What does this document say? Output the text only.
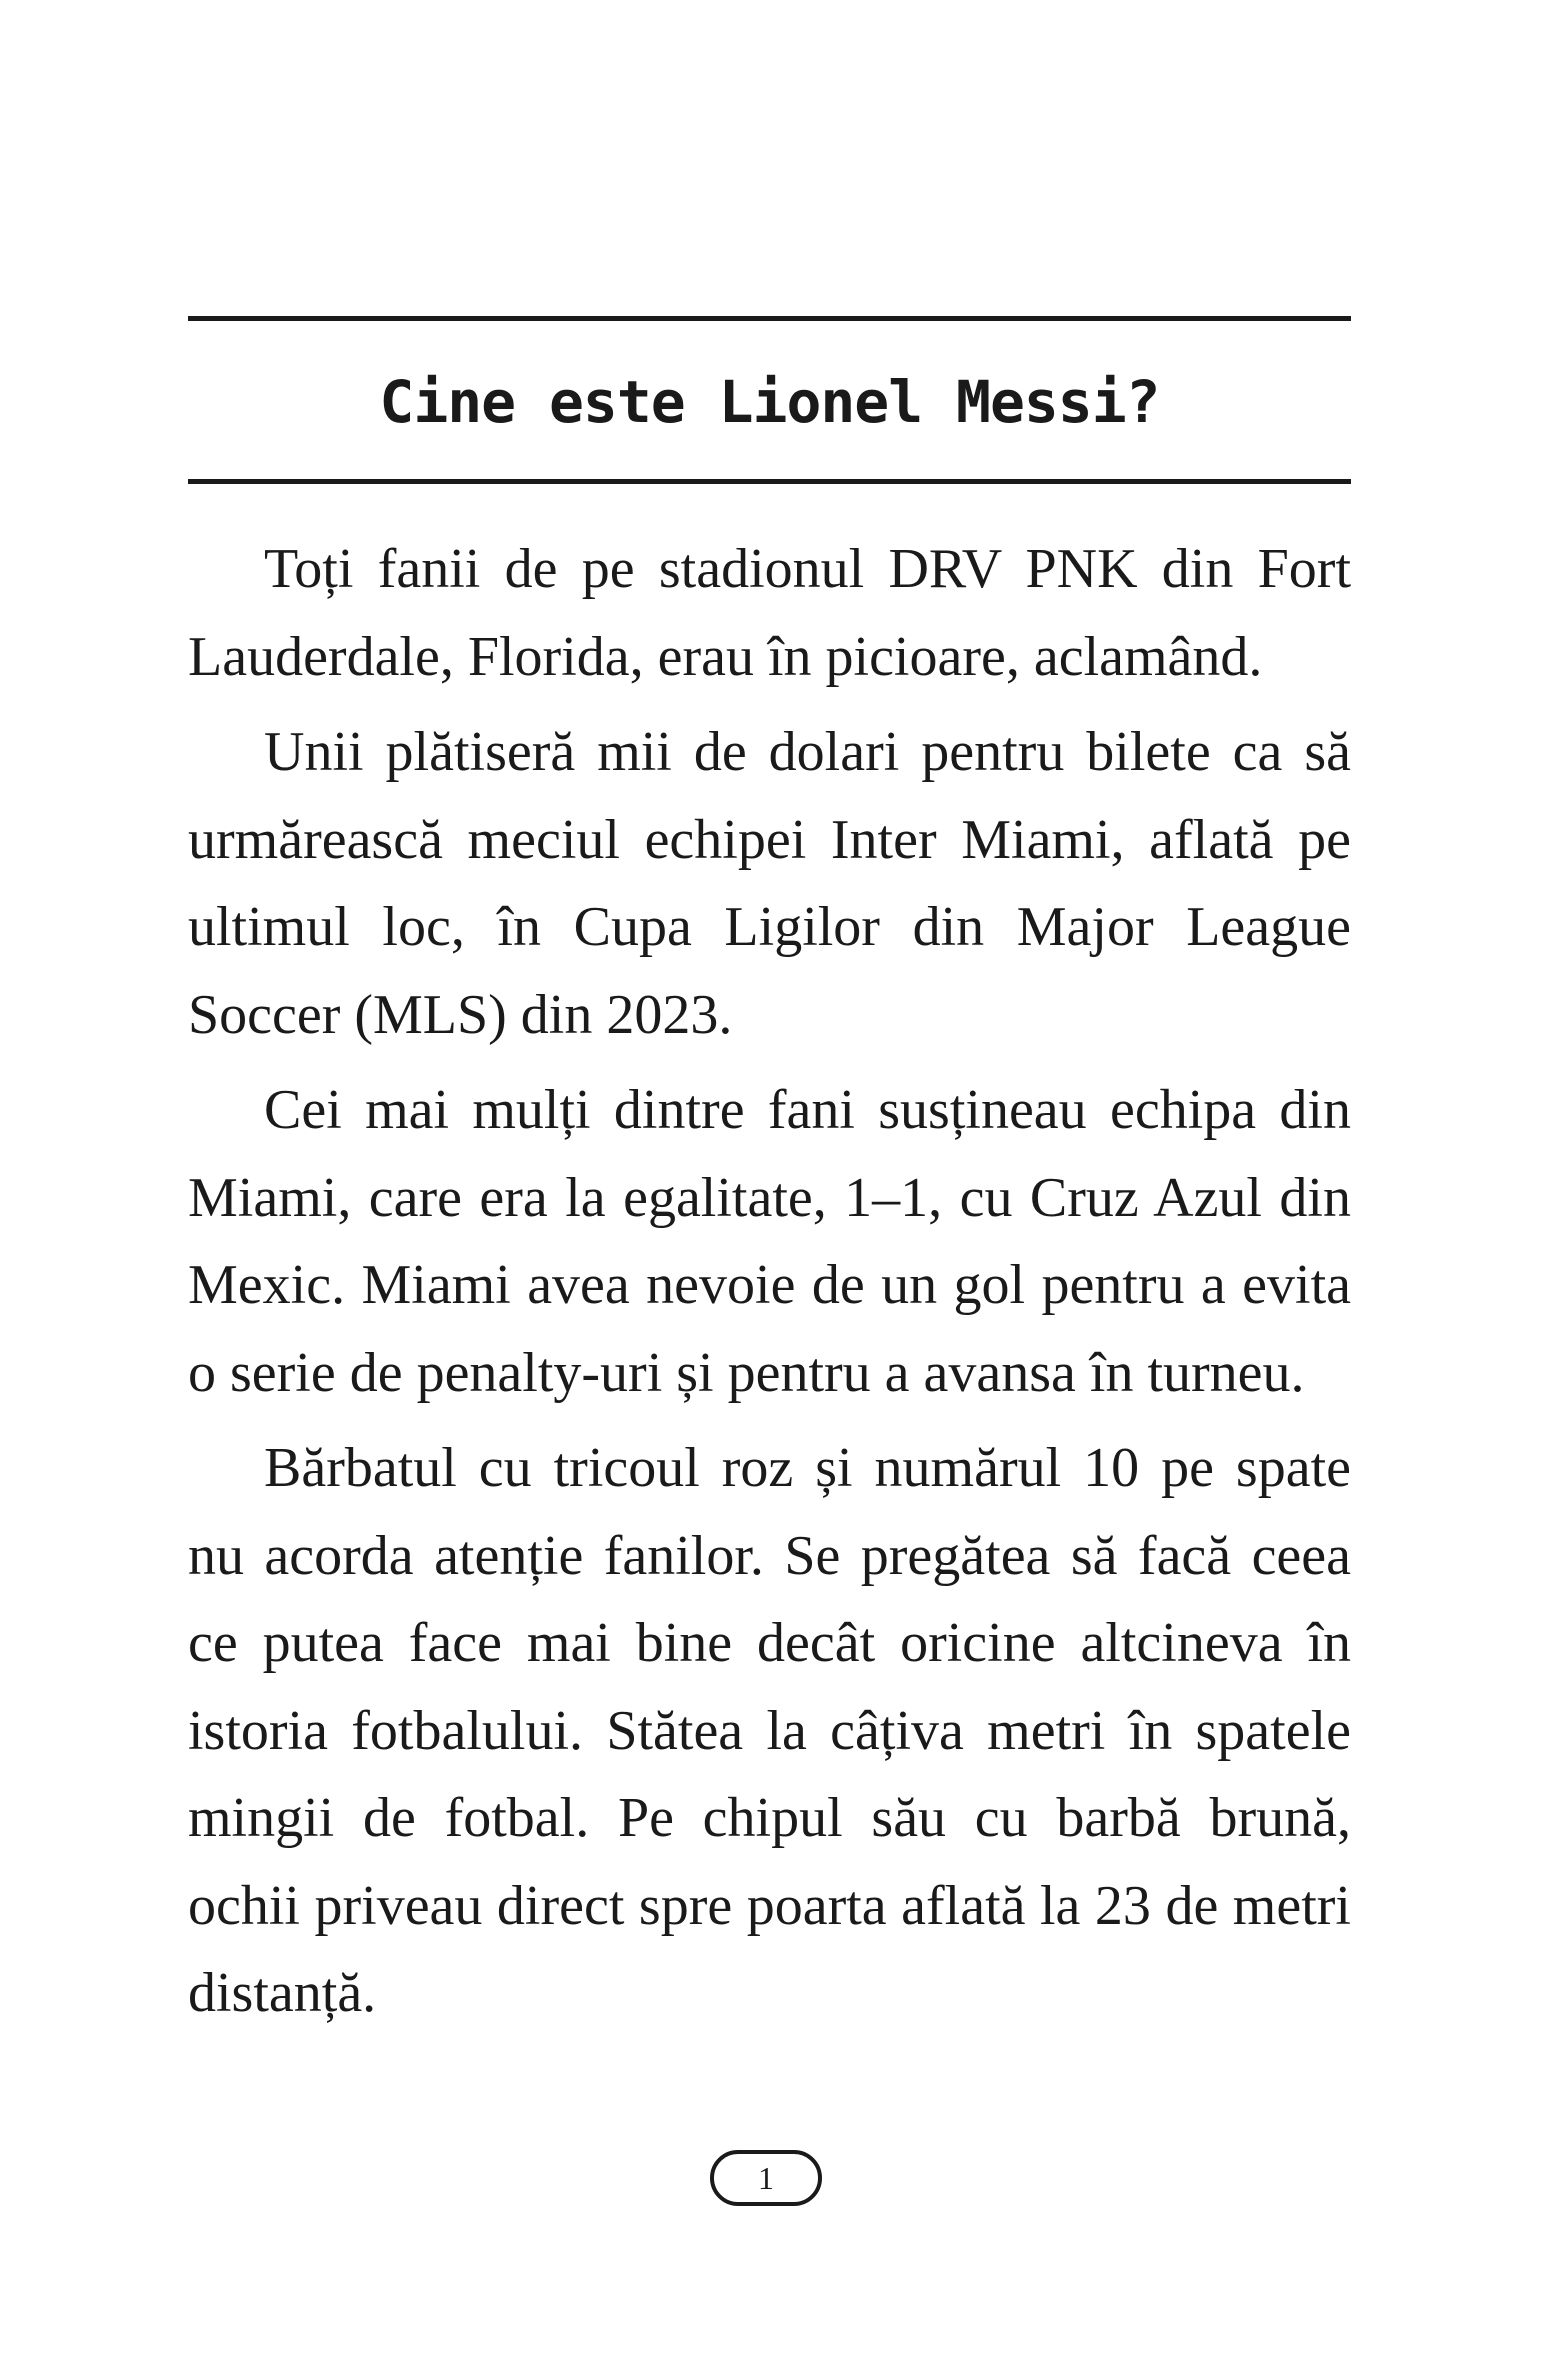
Cine este Lionel Messi?

Toți fanii de pe stadionul DRV PNK din Fort Lauderdale, Florida, erau în picioare, aclamând.

Unii plătiseră mii de dolari pentru bilete ca să urmărească meciul echipei Inter Miami, aflată pe ultimul loc, în Cupa Ligilor din Major League Soccer (MLS) din 2023.

Cei mai mulți dintre fani susțineau echipa din Miami, care era la egalitate, 1–1, cu Cruz Azul din Mexic. Miami avea nevoie de un gol pentru a evita o serie de penalty-uri și pentru a avansa în turneu.

Bărbatul cu tricoul roz și numărul 10 pe spate nu acorda atenție fanilor. Se pregătea să facă ceea ce putea face mai bine decât oricine altcineva în istoria fotbalului. Stătea la câțiva metri în spatele mingii de fotbal. Pe chipul său cu barbă brună, ochii priveau direct spre poarta aflată la 23 de metri distanță.

1
